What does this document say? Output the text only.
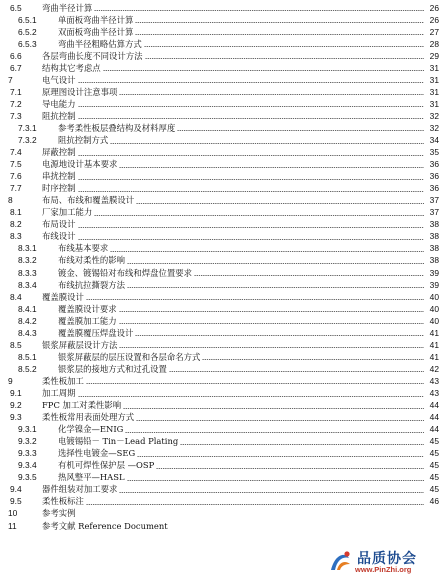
6.5 弯曲半径计算	26
6.5.1	单面板弯曲半径计算	26
6.5.2	双面板弯曲半径计算	27
6.5.3	弯曲半径粗略估算方式	28
6.6 各层弯曲长度不同设计方法	29
6.7 结构其它考虑点	31
7	电气设计	31
7.1 原理图设计注意事项	31
7.2 导电能力	31
7.3 阻抗控制	32
7.3.1	参考柔性板层叠结构及材料厚度	32
7.3.2	阻抗控制方式	34
7.4 屏蔽控制	35
7.5 电源地设计基本要求	36
7.6 串扰控制	36
7.7 时序控制	36
8	布局、布线和覆盖膜设计	37
8.1 厂家加工能力	37
8.2 布局设计	38
8.3 布线设计	38
8.3.1	布线基本要求	38
8.3.2	布线对柔性的影响	38
8.3.3	镀金、镀锡铅对布线和焊盘位置要求	39
8.3.4	布线抗拉撕裂方法	39
8.4 覆盖膜设计	40
8.4.1	覆盖膜设计要求	40
8.4.2	覆盖膜加工能力	40
8.4.3	覆盖膜覆压焊盘设计	41
8.5 银浆屏蔽层设计方法	41
8.5.1	银浆屏蔽层的层压设置和各层命名方式	41
8.5.2	银浆层的接地方式和过孔设置	42
9	柔性板加工	43
9.1 加工周期	43
9.2 FPC 加工对柔性影响	44
9.3 柔性板常用表面处理方式	44
9.3.1	化学镍金—ENIG	44
9.3.2	电镀锡铅－ Tin－Lead Plating	45
9.3.3	选择性电镀金—SEG	45
9.3.4	有机可焊性保护层 —OSP	45
9.3.5	热风整平—HASL	45
9.4 器件组装对加工要求	45
9.5 柔性板标注	46
10	参考实例
11	参考文献 Reference Document
品质协会
www.PinZhi.org
